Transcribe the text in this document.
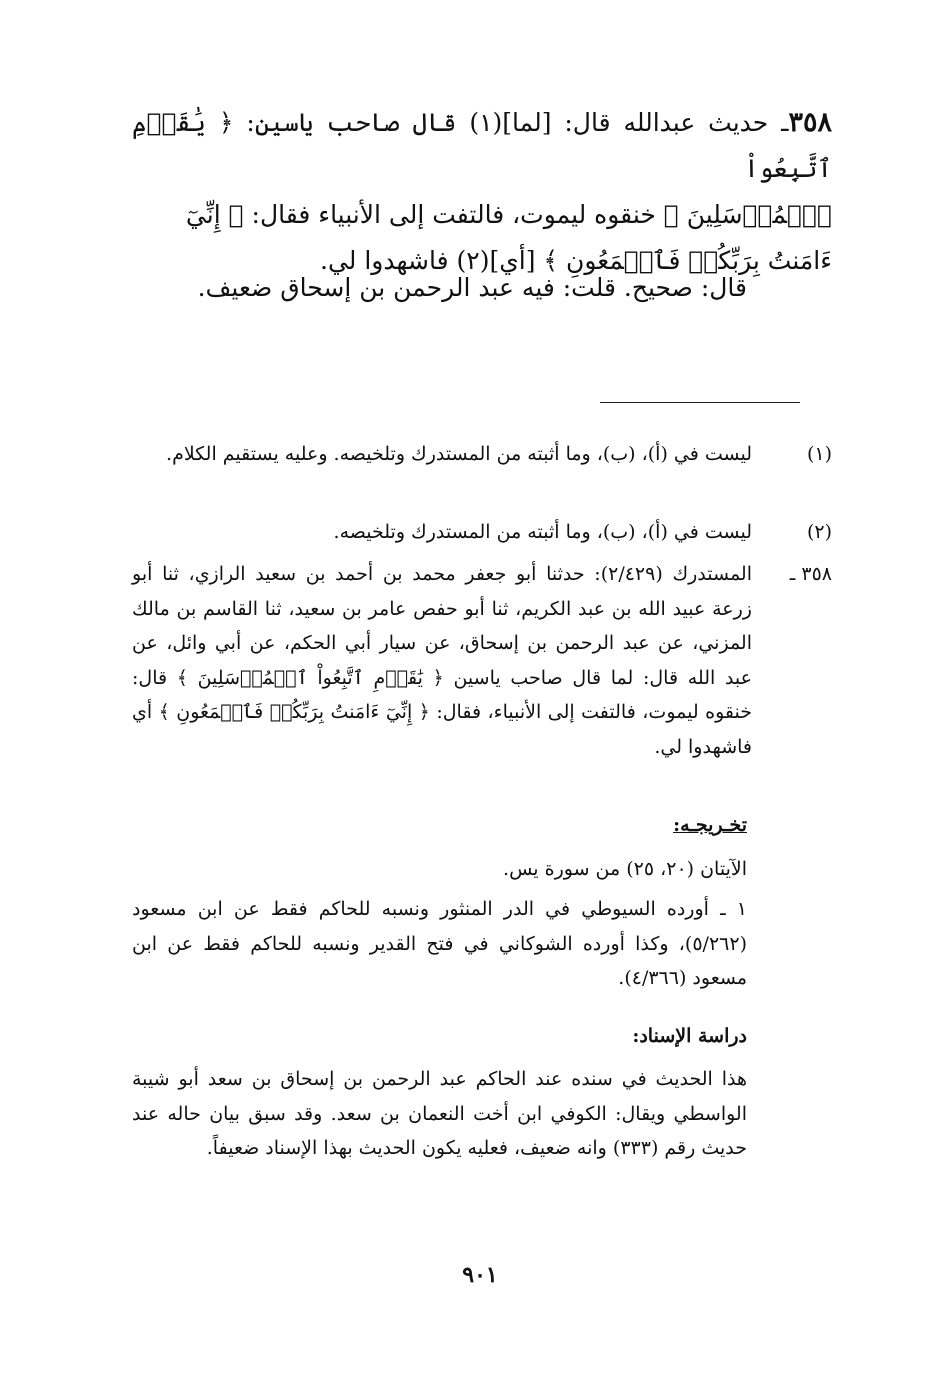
٣٥٨ـ حديث عبدالله قال: [لما](١) قال صاحب ياسين: ﴿ يَٰقَوۡمِ ٱتَّبِعُواْ
ٱلۡمُرۡسَلِينَ ﴾ خنقوه ليموت، فالتفت إلى الأنبياء فقال: ﴿ إِنِّيٓ
ءَامَنتُ بِرَبِّكُمۡ فَٱسۡمَعُونِ ﴾ [أي](٢) فاشهدوا لي.
قال: صحيح. قلت: فيه عبد الرحمن بن إسحاق ضعيف.
(١)
ليست في (أ)، (ب)، وما أثبته من المستدرك وتلخيصه. وعليه يستقيم الكلام.
(٢)
ليست في (أ)، (ب)، وما أثبته من المستدرك وتلخيصه.
٣٥٨ ـ
المستدرك (٢/٤٢٩): حدثنا أبو جعفر محمد بن أحمد بن سعيد الرازي، ثنا أبو زرعة عبيد الله بن عبد الكريم، ثنا أبو حفص عامر بن سعيد، ثنا القاسم بن مالك المزني، عن عبد الرحمن بن إسحاق، عن سيار أبي الحكم، عن أبي وائل، عن عبد الله قال: لما قال صاحب ياسين ﴿ يَٰقَوۡمِ ٱتَّبِعُواْ ٱلۡمُرۡسَلِينَ ﴾ قال: خنقوه ليموت، فالتفت إلى الأنبياء، فقال: ﴿ إِنِّيٓ ءَامَنتُ بِرَبِّكُمۡ فَٱسۡمَعُونِ ﴾ أي فاشهدوا لي.
تخـريجـه:
الآيتان (٢٠، ٢٥) من سورة يس.
١ ـ أورده السيوطي في الدر المنثور ونسبه للحاكم فقط عن ابن مسعود (٥/٢٦٢)، وكذا أورده الشوكاني في فتح القدير ونسبه للحاكم فقط عن ابن مسعود (٤/٣٦٦).
دراسة الإسناد:
هذا الحديث في سنده عند الحاكم عبد الرحمن بن إسحاق بن سعد أبو شيبة الواسطي ويقال: الكوفي ابن أخت النعمان بن سعد. وقد سبق بيان حاله عند حديث رقم (٣٣٣) وانه ضعيف، فعليه يكون الحديث بهذا الإسناد ضعيفاً.
٩٠١
